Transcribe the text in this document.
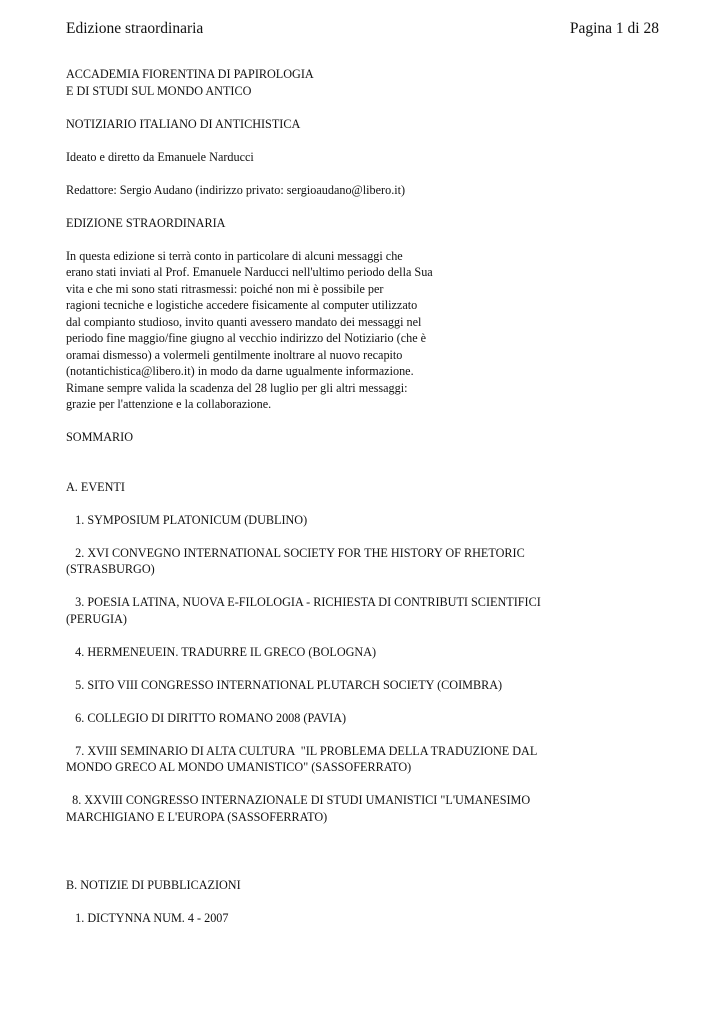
Edizione straordinaria	Pagina 1 di 28

ACCADEMIA FIORENTINA DI PAPIROLOGIA

E DI STUDI SUL MONDO ANTICO

NOTIZIARIO ITALIANO DI ANTICHISTICA

Ideato e diretto da Emanuele Narducci

Redattore: Sergio Audano (indirizzo privato: sergioaudano@libero.it)

EDIZIONE STRAORDINARIA

In questa edizione si terrà conto in particolare di alcuni messaggi che

erano stati inviati al Prof. Emanuele Narducci nell'ultimo periodo della Sua

vita e che mi sono stati ritrasmessi: poiché non mi è possibile per

ragioni tecniche e logistiche accedere fisicamente al computer utilizzato

dal compianto studioso, invito quanti avessero mandato dei messaggi nel

periodo fine maggio/fine giugno al vecchio indirizzo del Notiziario (che è

oramai dismesso) a volermeli gentilmente inoltrare al nuovo recapito

(notantichistica@libero.it) in modo da darne ugualmente informazione.

Rimane sempre valida la scadenza del 28 luglio per gli altri messaggi:

grazie per l'attenzione e la collaborazione.

SOMMARIO

A. EVENTI

1. SYMPOSIUM PLATONICUM (DUBLINO)

2. XVI CONVEGNO INTERNATIONAL SOCIETY FOR THE HISTORY OF RHETORIC

(STRASBURGO)

3. POESIA LATINA, NUOVA E-FILOLOGIA - RICHIESTA DI CONTRIBUTI SCIENTIFICI

(PERUGIA)

4. HERMENEUEIN. TRADURRE IL GRECO (BOLOGNA)

5. SITO VIII CONGRESSO INTERNATIONAL PLUTARCH SOCIETY (COIMBRA)

6. COLLEGIO DI DIRITTO ROMANO 2008 (PAVIA)

7. XVIII SEMINARIO DI ALTA CULTURA  "IL PROBLEMA DELLA TRADUZIONE DAL

MONDO GRECO AL MONDO UMANISTICO" (SASSOFERRATO)

8. XXVIII CONGRESSO INTERNAZIONALE DI STUDI UMANISTICI "L'UMANESIMO

MARCHIGIANO E L'EUROPA (SASSOFERRATO)

B. NOTIZIE DI PUBBLICAZIONI

1. DICTYNNA NUM. 4 - 2007
